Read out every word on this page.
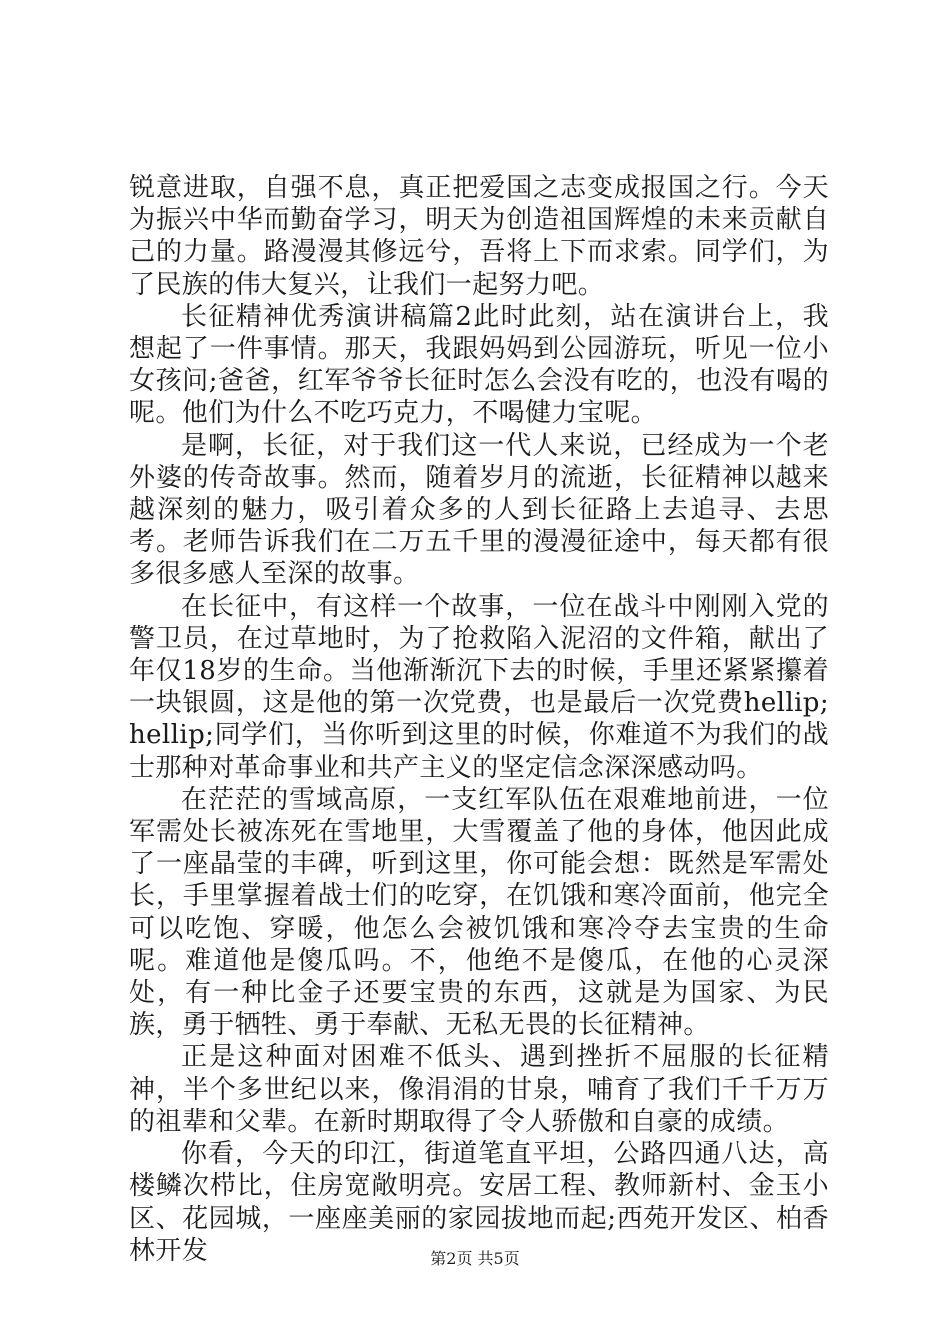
锐意进取，自强不息，真正把爱国之志变成报国之行。今天为振兴中华而勤奋学习，明天为创造祖国辉煌的未来贡献自己的力量。路漫漫其修远兮，吾将上下而求索。同学们，为了民族的伟大复兴，让我们一起努力吧。

长征精神优秀演讲稿篇2此时此刻，站在演讲台上，我想起了一件事情。那天，我跟妈妈到公园游玩，听见一位小女孩问;爸爸，红军爷爷长征时怎么会没有吃的，也没有喝的呢。他们为什么不吃巧克力，不喝健力宝呢。

是啊，长征，对于我们这一代人来说，已经成为一个老外婆的传奇故事。然而，随着岁月的流逝，长征精神以越来越深刻的魅力，吸引着众多的人到长征路上去追寻、去思考。老师告诉我们在二万五千里的漫漫征途中，每天都有很多很多感人至深的故事。

在长征中，有这样一个故事，一位在战斗中刚刚入党的警卫员，在过草地时，为了抢救陷入泥沼的文件箱，献出了年仅18岁的生命。当他渐渐沉下去的时候，手里还紧紧攥着一块银圆，这是他的第一次党费，也是最后一次党费hellip;hellip;同学们，当你听到这里的时候，你难道不为我们的战士那种对革命事业和共产主义的坚定信念深深感动吗。

在茫茫的雪域高原，一支红军队伍在艰难地前进，一位军需处长被冻死在雪地里，大雪覆盖了他的身体，他因此成了一座晶莹的丰碑，听到这里，你可能会想：既然是军需处长，手里掌握着战士们的吃穿，在饥饿和寒冷面前，他完全可以吃饱、穿暖，他怎么会被饥饿和寒冷夺去宝贵的生命呢。难道他是傻瓜吗。不，他绝不是傻瓜，在他的心灵深处，有一种比金子还要宝贵的东西，这就是为国家、为民族，勇于牺牲、勇于奉献、无私无畏的长征精神。

正是这种面对困难不低头、遇到挫折不屈服的长征精神，半个多世纪以来，像涓涓的甘泉，哺育了我们千千万万的祖辈和父辈。在新时期取得了令人骄傲和自豪的成绩。

你看，今天的印江，街道笔直平坦，公路四通八达，高楼鳞次栉比，住房宽敞明亮。安居工程、教师新村、金玉小区、花园城，一座座美丽的家园拔地而起;西苑开发区、柏香林开发	第2页 共5页
